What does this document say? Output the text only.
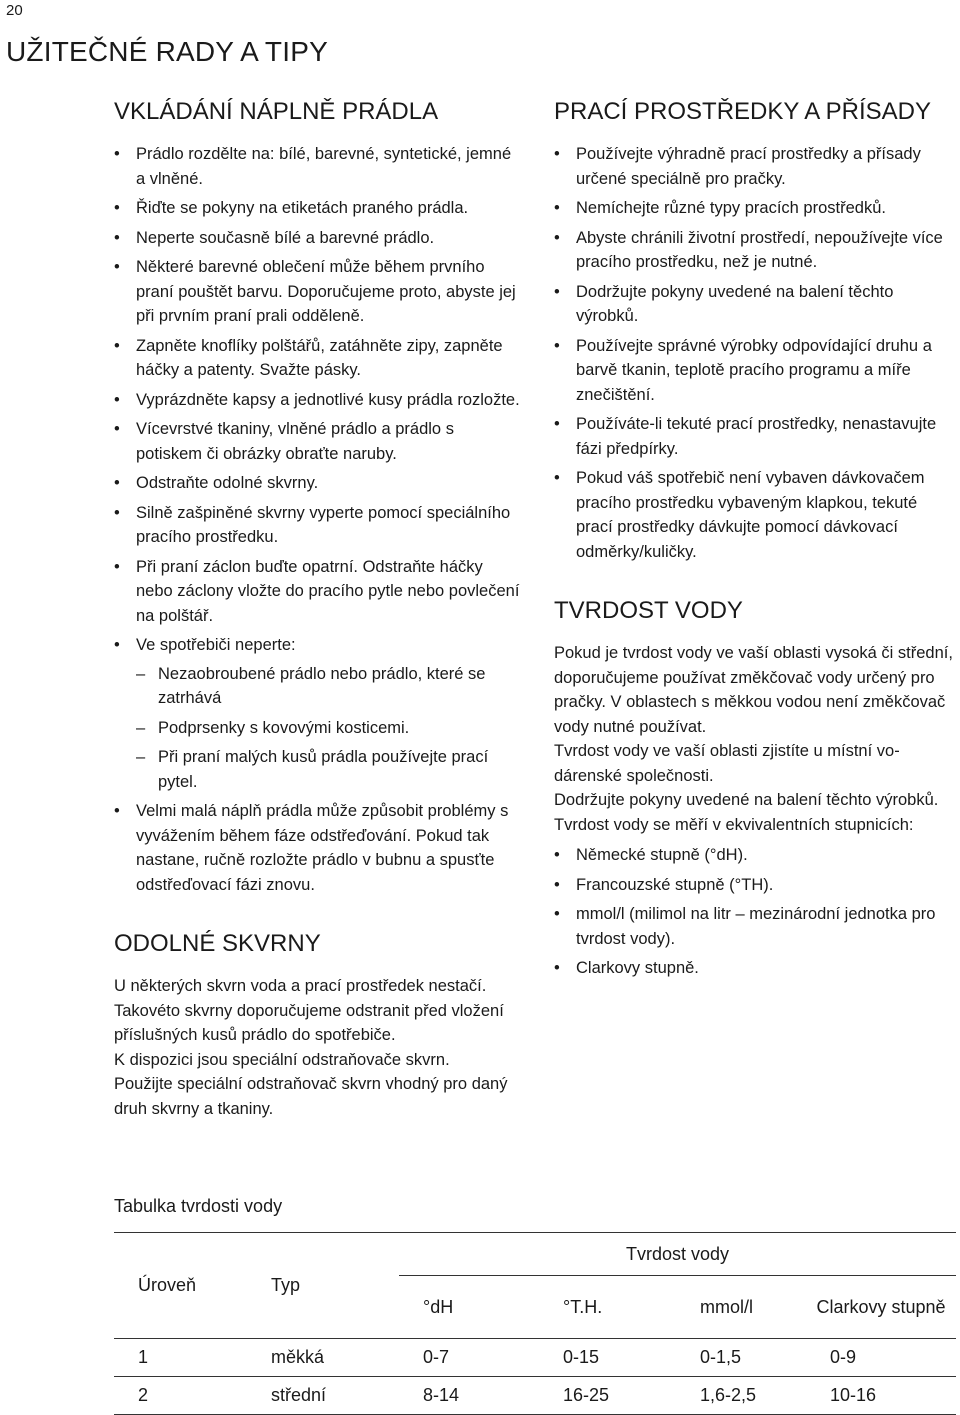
20
UŽITEČNÉ RADY A TIPY
VKLÁDÁNÍ NÁPLNĚ PRÁDLA
• Prádlo rozdělte na: bílé, barevné, syntetické, jemné a vlněné.
• Řiďte se pokyny na etiketách praného prádla.
• Neperte současně bílé a barevné prádlo.
• Některé barevné oblečení může během prvního praní pouštět barvu. Doporučujeme proto, abyste jej při prvním praní prali odděleně.
• Zapněte knoflíky polštářů, zatáhněte zipy, zapněte háčky a patenty. Svažte pásky.
• Vyprázdněte kapsy a jednotlivé kusy prádla rozložte.
• Vícevrstvé tkaniny, vlněné prádlo a prádlo s potiskem či obrázky obraťte naruby.
• Odstraňte odolné skvrny.
• Silně zašpiněné skvrny vyperte pomocí speciálního pracího prostředku.
• Při praní záclon buďte opatrní. Odstraňte háčky nebo záclony vložte do pracího pytle nebo povlečení na polštář.
• Ve spotřebiči neperte:
– Nezaobroubené prádlo nebo prádlo, které se zatrhává
– Podprsenky s kovovými kosticemi.
– Při praní malých kusů prádla používejte prací pytel.
• Velmi malá náplň prádla může způsobit problémy s vyvážením během fáze odstřeďování. Pokud tak nastane, ručně rozložte prádlo v bubnu a spusťte odstřeďovací fázi znovu.
ODOLNÉ SKVRNY

U některých skvrn voda a prací prostředek nestačí.

Takovéto skvrny doporučujeme odstranit před vložení příslušných kusů prádlo do spotřebiče.

K dispozici jsou speciální odstraňovače skvrn.

Použijte speciální odstraňovač skvrn vhodný pro daný druh skvrny a tkaniny.

PRACÍ PROSTŘEDKY A PŘÍSADY
• Používejte výhradně prací prostředky a přísady určené speciálně pro pračky.
• Nemíchejte různé typy pracích prostředků.
• Abyste chránili životní prostředí, nepoužívejte více pracího prostředku, než je nutné.
• Dodržujte pokyny uvedené na balení těchto výrobků.
• Používejte správné výrobky odpovídající druhu a barvě tkanin, teplotě pracího programu a míře znečištění.
• Používáte-li tekuté prací prostředky, nenastavujte fázi předpírky.
• Pokud váš spotřebič není vybaven dávkovačem pracího prostředku vybaveným klapkou, tekuté prací prostředky dávkujte pomocí dávkovací odměrky/kuličky.
TVRDOST VODY

Pokud je tvrdost vody ve vaší oblasti vysoká či střední, doporučujeme používat změkčovač vody určený pro pračky. V oblastech s měkkou vodou není změkčovač vody nutné používat.

Tvrdost vody ve vaší oblasti zjistíte u místní vodárenské společnosti.

Dodržujte pokyny uvedené na balení těchto výrobků.

Tvrdost vody se měří v ekvivalentních stupnicích:

• Německé stupně (°dH).
• Francouzské stupně (°TH).
• mmol/l (milimol na litr – mezinárodní jednotka pro tvrdost vody).
• Clarkovy stupně.
Tabulka tvrdosti vody
Úroveň	Typ	Tvrdost vody			
		°dH	°T.H.	mmol/l	Clarkovy stupně
1	měkká	0-7	0-15	0-1,5	0-9
2	střední	8-14	16-25	1,6-2,5	10-16
